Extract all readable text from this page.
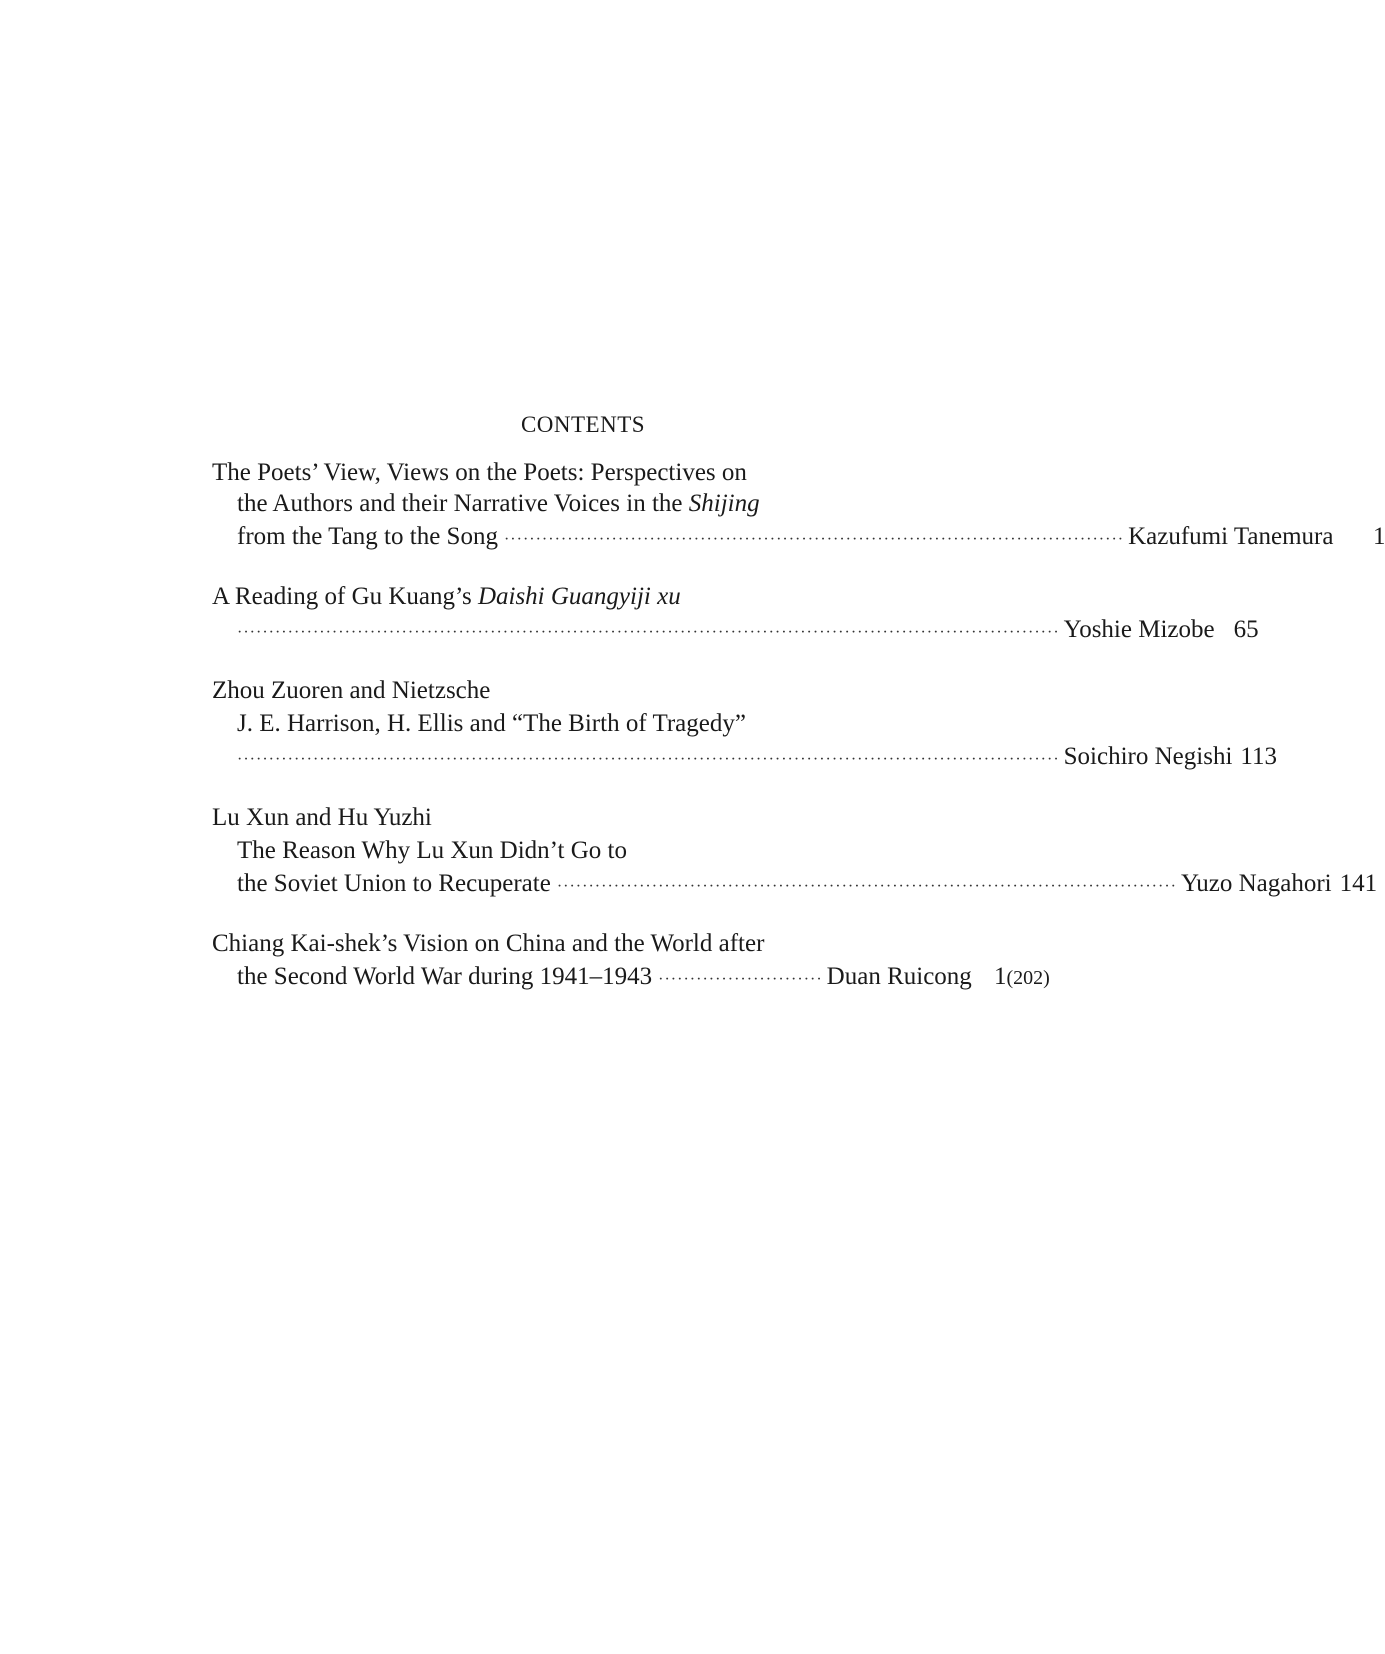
CONTENTS
The Poets’ View, Views on the Poets: Perspectives on
the Authors and their Narrative Voices in the Shijing
from the Tang to the Song ·································································································· Kazufumi Tanemura	1
A Reading of Gu Kuang’s Daishi Guangyiji xu
·································································································································· Yoshie Mizobe 65
Zhou Zuoren and Nietzsche
J. E. Harrison, H. Ellis and “The Birth of Tragedy”
·································································································································· Soichiro Negishi 113
Lu Xun and Hu Yuzhi
The Reason Why Lu Xun Didn’t Go to
the Soviet Union to Recuperate ·································································································· Yuzo Nagahori 141
Chiang Kai-shek’s Vision on China and the World after
the Second World War during 1941–1943 ·························· Duan Ruicong 1(202)
